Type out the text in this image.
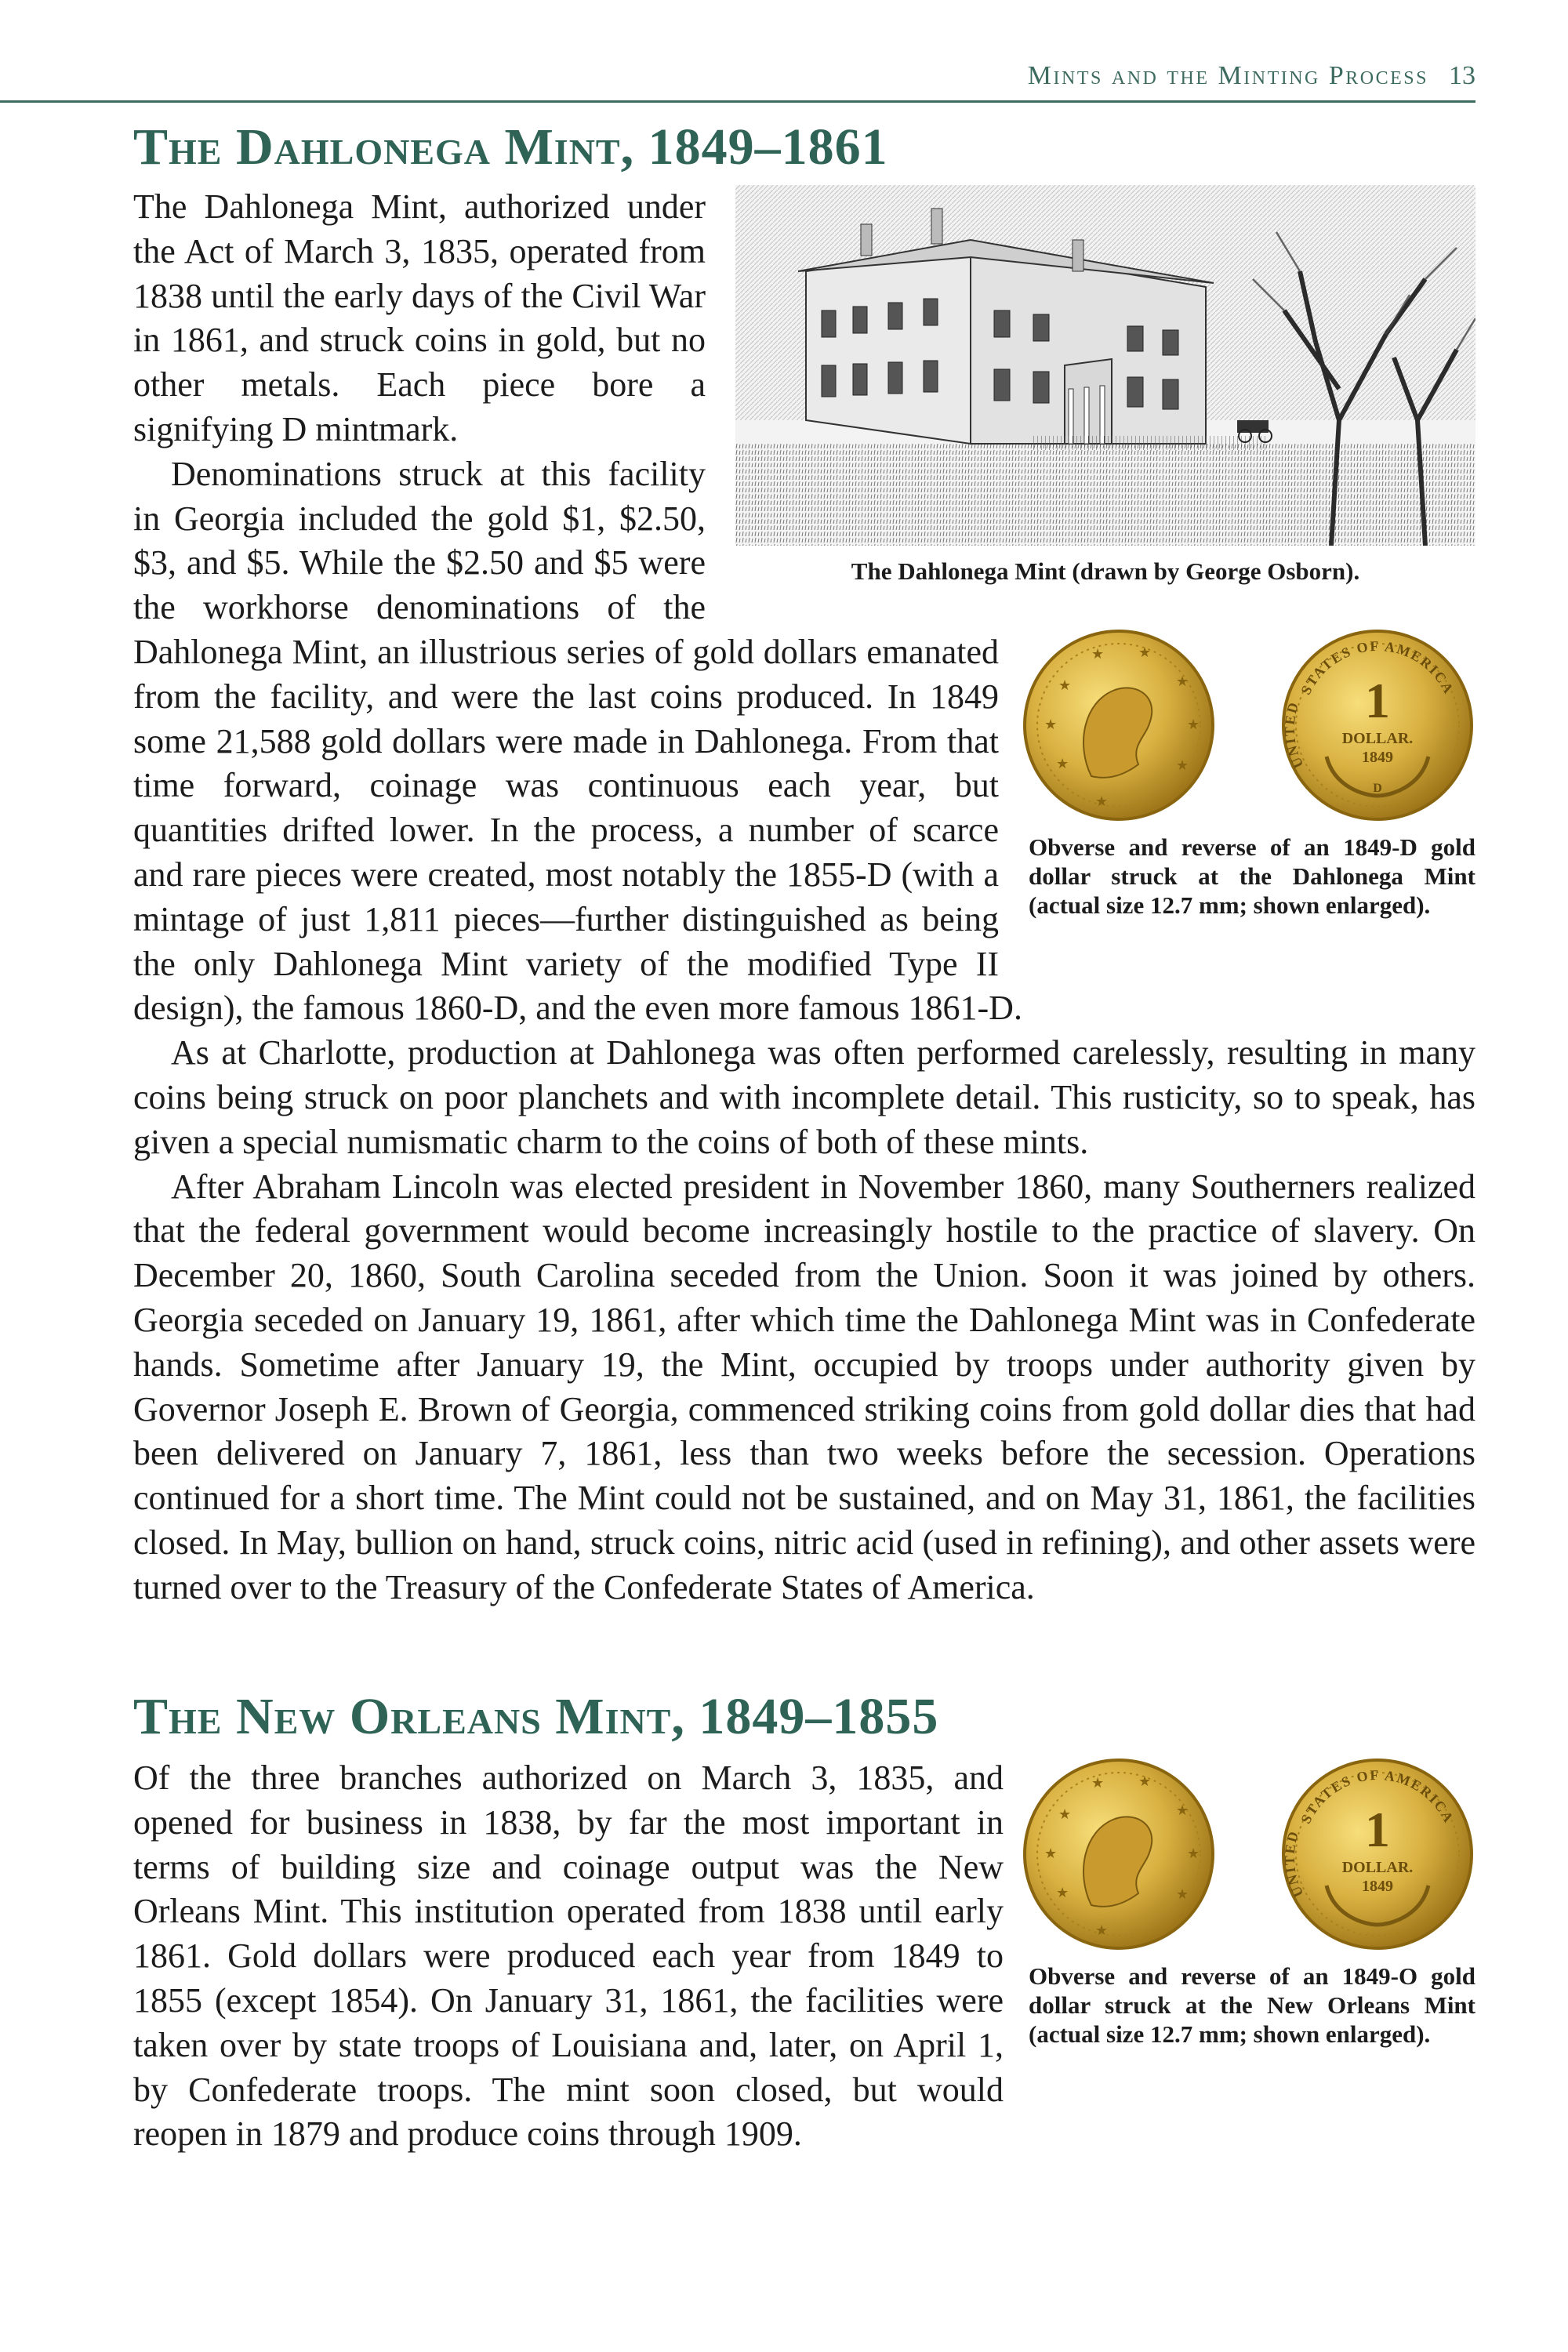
Mints and the Minting Process 13
The Dahlonega Mint, 1849–1861

The Dahlonega Mint, authorized under the Act of March 3, 1835, operated from 1838 until the early days of the Civil War in 1861, and struck coins in gold, but no other metals. Each piece bore a signifying D mintmark.

Denominations struck at this facility in Georgia included the gold $1, $2.50, $3, and $5. While the $2.50 and $5 were the workhorse denominations of the Dahlonega Mint, an illustrious series of gold dollars emanated from the facility, and were the last coins produced. In 1849 some 21,588 gold dollars were made in Dahlonega. From that time forward, coinage was continuous each year, but quantities drifted lower. In the process, a number of scarce and rare pieces were created, most notably the 1855-D (with a mintage of just 1,811 pieces—further distinguished as being the only Dahlonega Mint variety of the modified Type II design), the famous 1860-D, and the even more famous 1861-D.

As at Charlotte, production at Dahlonega was often performed carelessly, resulting in many coins being struck on poor planchets and with incomplete detail. This rusticity, so to speak, has given a special numismatic charm to the coins of both of these mints.

After Abraham Lincoln was elected president in November 1860, many Southerners realized that the federal government would become increasingly hostile to the practice of slavery. On December 20, 1860, South Carolina seceded from the Union. Soon it was joined by others. Georgia seceded on January 19, 1861, after which time the Dahlonega Mint was in Confederate hands. Sometime after January 19, the Mint, occupied by troops under authority given by Governor Joseph E. Brown of Georgia, commenced striking coins from gold dollar dies that had been delivered on January 7, 1861, less than two weeks before the secession. Operations continued for a short time. The Mint could not be sustained, and on May 31, 1861, the facilities closed. In May, bullion on hand, struck coins, nitric acid (used in refining), and other assets were turned over to the Treasury of the Confederate States of America.

The Dahlonega Mint (drawn by George Osborn).
★
★
★
★ ★
★
★
★
★
1
DOLLAR.
1849
D
STATES OF AMERICA
UNITED
Obverse and reverse of an 1849-D gold dollar struck at the Dahlonega Mint (actual size 12.7 mm; shown enlarged).
The New Orleans Mint, 1849–1855

Of the three branches authorized on March 3, 1835, and opened for business in 1838, by far the most important in terms of building size and coinage output was the New Orleans Mint. This institution operated from 1838 until early 1861. Gold dollars were produced each year from 1849 to 1855 (except 1854). On January 31, 1861, the facilities were taken over by state troops of Louisiana and, later, on April 1, by Confederate troops. The mint soon closed, but would reopen in 1879 and produce coins through 1909.

★
★
★
★ ★
★
★
★
★
1
DOLLAR.
1849
STATES OF AMERICA
UNITED
Obverse and reverse of an 1849-O gold dollar struck at the New Orleans Mint (actual size 12.7 mm; shown enlarged).
